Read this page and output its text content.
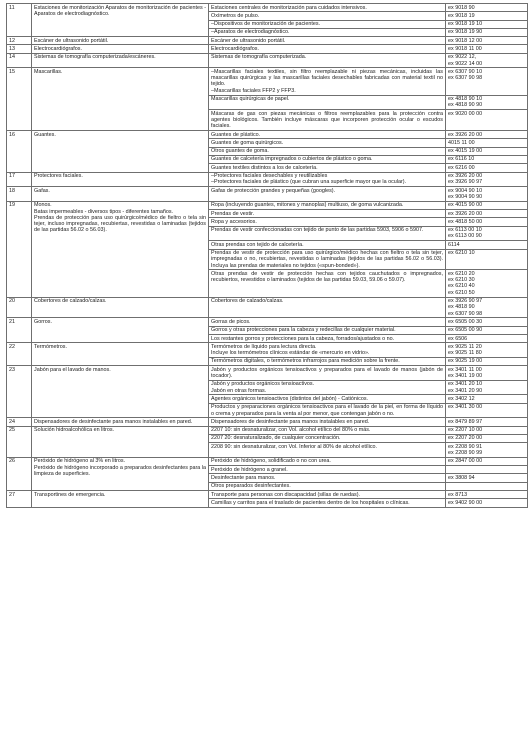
11	Estaciones de monitorización Aparatos de monitorización de pacientes - Aparatos de electrodiagnóstico.	Estaciones centrales de monitorización para cuidados intensivos.	ex 9018 90

		Oxímetros de pulso.	ex 9018 19

		–Dispositivos de monitorización de pacientes.	ex 9018 19 10

		–Aparatos de electrodiagnóstico.	ex 9018 19 90

12	Escáner de ultrasonido portátil.	Escáner de ultrasonido portátil.	ex 9018 12 00

13	Electrocardiógrafos.	Electrocardiógrafos.	ex 9018 11 00

14	Sistemas de tomografía computerizada/escáneres.	Sistemas de tomografía computerizada.	ex 9022 12,
ex 9022 14 00

15	Mascarillas.	–Mascarillas faciales textiles, sin filtro reemplazable ni piezas mecánicas, incluidas las mascarillas quirúrgicas y las mascarillas faciales desechables fabricadas con material textil no tejido.
–Mascarillas faciales FFP2 y FFP3.	ex 6307 90 10
ex 6307 90 98

		Mascarillas quirúrgicas de papel.	ex 4818 90 10
ex 4818 90 90

		Máscaras de gas con piezas mecánicas o filtros reemplazables para la protección contra agentes biológicos. También incluye máscaras que incorporen protección ocular o escudos faciales.	ex 9020 00 00

16	Guantes.	Guantes de plástico.	ex 3926 20 00

		Guantes de goma quirúrgicos.	4015 11 00

		Otros guantes de goma.	ex 4015 19 00

		Guantes de calcetería impregnados o cubiertos de plástico o goma.	ex 6116 10

		Guantes textiles distintos a los de calcetería.	ex 6216 00

17	Protectores faciales.	–Protectores faciales desechables y reutilizables
–Protectores faciales de plástico (que cubran una superficie mayor que la ocular).	ex 3926 20 00
ex 3926 90 97

18	Gafas.	Gafas de protección grandes y pequeñas (googles).	ex 9004 90 10
ex 9004 90 90

19	Monos.
Batas impermeables - diversos tipos - diferentes tamaños.
Prendas de protección para uso quirúrgico/médico de fieltro o tela sin tejer, incluso impregnadas, recubiertas, revestidas o laminadas (tejidos de las partidas 56.02 o 56.03).	Ropa (incluyendo guantes, mitones y manoplas) multiuso, de goma vulcanizada.	ex 4015 90 00

		Prendas de vestir.	ex 3926 20 00

		Ropa y accesorios.	ex 4818 50 00

		Prendas de vestir confeccionadas con tejido de punto de las partidas 5903, 5906 o 5907.	ex 6113 00 10
ex 6113 00 90

		Otras prendas con tejido de calcetería.	6114

		Prendas de vestir de protección para uso quirúrgico/médico hechas con fieltro o tela sin tejer, impregnadas o no, recubiertas, revestidas o laminadas (tejidos de las partidas 56.02 o 56.03). Incluya las prendas de materiales no tejidos («spun-bonded»).	ex 6210 10

		Otras prendas de vestir de protección hechas con tejidos cauchutados o impregnados, recubiertos, revestidos o laminados (tejidos de las partidas 59.03, 59.06 o 59.07).	ex 6210 20
ex 6210 30
ex 6210 40
ex 6210 50

20	Cobertores de calzado/calzas.	Cobertores de calzado/calzas.	ex 3926 90 97
ex 4818 90
ex 6307 90 98

21	Gorros.	Gorras de picos.	ex 6505 00 30

		Gorros y otras protecciones para la cabeza y redecillas de cualquier material.	ex 6505 00 90

		Los restantes gorros y protecciones para la cabeza, forrados/ajustados o no.	ex 6506

22	Termómetros.	Termómetros de líquido para lectura directa.
Incluye los termómetros clínicos estándar de «mercurio en vidrio».	ex 9025 11 20
ex 9025 11 80

		Termómetros digitales, o termómetros infrarrojos para medición sobre la frente.	ex 9025 19 00

23	Jabón para el lavado de manos.	Jabón y productos orgánicos tensioactivos y preparados para el lavado de manos (jabón de tocador).	ex 3401 11 00
ex 3401 19 00

		Jabón y productos orgánicos tensioactivos.
Jabón en otras formas.	ex 3401 20 10
ex 3401 20 90

		Agentes orgánicos tensioactivos (distintos del jabón) - Catiónicos.	ex 3402 12

		Productos y preparaciones orgánicos tensioactivos para el lavado de la piel, en forma de líquido o crema y preparados para la venta al por menor, que contengan jabón o no.	ex 3401 30 00

24	Dispensadores de desinfectante para manos instalables en pared.	Dispensadores de desinfectante para manos instalables en pared.	ex 8479 89 97

25	Solución hidroalcohólica en litros.	2207 10: sin desnaturalizar, con Vol. alcohol etílico del 80% o más.	ex 2207 10 00

		2207 20: desnaturalizado, de cualquier concentración.	ex 2207 20 00

		2208 90: sin desnaturalizar, con Vol. Inferior al 80% de alcohol etílico.	ex 2208 90 91
ex 2208 90 99

26	Peróxido de hidrógeno al 3% en litros.
Peróxido de hidrógeno incorporado a preparados desinfectantes para la limpieza de superficies.	Peróxido de hidrógeno, solidificado o no con urea.	ex 2847 00 00

		Peróxido de hidrógeno a granel.	

		Desinfectante para manos.	ex 3808 94

		Otros preparados desinfectantes.	

27	Transportines de emergencia.	Transporte para personas con discapacidad (sillas de ruedas).	ex 8713

		Camillas y carritos para el traslado de pacientes dentro de los hospitales o clínicas.	ex 9402 90 00
